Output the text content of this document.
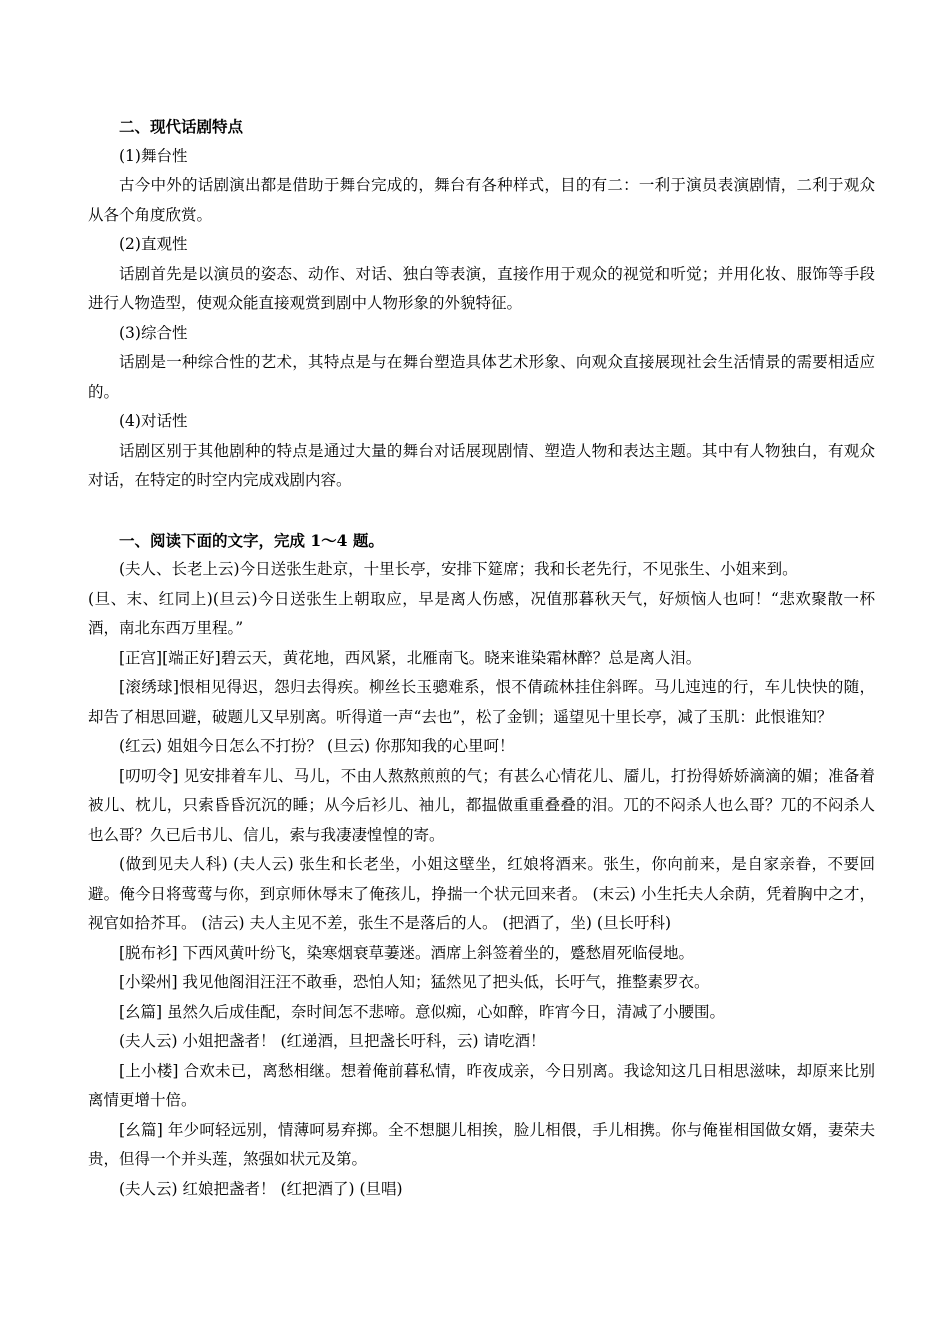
二、现代话剧特点

(1)舞台性

古今中外的话剧演出都是借助于舞台完成的，舞台有各种样式，目的有二：一利于演员表演剧情，二利于观众从各个角度欣赏。

(2)直观性

话剧首先是以演员的姿态、动作、对话、独白等表演，直接作用于观众的视觉和听觉；并用化妆、服饰等手段进行人物造型，使观众能直接观赏到剧中人物形象的外貌特征。

(3)综合性

话剧是一种综合性的艺术，其特点是与在舞台塑造具体艺术形象、向观众直接展现社会生活情景的需要相适应的。

(4)对话性

话剧区别于其他剧种的特点是通过大量的舞台对话展现剧情、塑造人物和表达主题。其中有人物独白，有观众对话，在特定的时空内完成戏剧内容。

一、阅读下面的文字，完成 1～4 题。

(夫人、长老上云)今日送张生赴京，十里长亭，安排下筵席；我和长老先行，不见张生、小姐来到。

(旦、末、红同上)(旦云)今日送张生上朝取应，早是离人伤感，况值那暮秋天气，好烦恼人也呵！“悲欢聚散一杯酒，南北东西万里程。”

[正宫][端正好]碧云天，黄花地，西风紧，北雁南飞。晓来谁染霜林醉？总是离人泪。

[滚绣球]恨相见得迟，怨归去得疾。柳丝长玉骢难系，恨不倩疏林挂住斜晖。马儿迍迍的行，车儿快快的随，却告了相思回避，破题儿又早别离。听得道一声“去也”，松了金钏；遥望见十里长亭，减了玉肌：此恨谁知？

(红云) 姐姐今日怎么不打扮？ (旦云) 你那知我的心里呵！

[叨叨令] 见安排着车儿、马儿，不由人熬熬煎煎的气；有甚么心情花儿、靥儿，打扮得娇娇滴滴的媚；准备着被儿、枕儿，只索昏昏沉沉的睡；从今后衫儿、袖儿，都揾做重重叠叠的泪。兀的不闷杀人也么哥？兀的不闷杀人也么哥？久已后书儿、信儿，索与我凄凄惶惶的寄。

(做到见夫人科) (夫人云) 张生和长老坐，小姐这壁坐，红娘将酒来。张生，你向前来，是自家亲眷，不要回避。俺今日将莺莺与你，到京师休辱末了俺孩儿，挣揣一个状元回来者。 (末云) 小生托夫人余荫，凭着胸中之才，视官如拾芥耳。 (洁云) 夫人主见不差，张生不是落后的人。 (把酒了，坐) (旦长吁科)

[脱布衫] 下西风黄叶纷飞，染寒烟衰草萋迷。酒席上斜签着坐的，蹙愁眉死临侵地。

[小梁州] 我见他阁泪汪汪不敢垂，恐怕人知；猛然见了把头低，长吁气，推整素罗衣。

[幺篇] 虽然久后成佳配，奈时间怎不悲啼。意似痴，心如醉，昨宵今日，清减了小腰围。

(夫人云) 小姐把盏者！ (红递酒，旦把盏长吁科，云) 请吃酒！

[上小楼] 合欢未已，离愁相继。想着俺前暮私情，昨夜成亲，今日别离。我谂知这几日相思滋味，却原来比别离情更增十倍。

[幺篇] 年少呵轻远别，情薄呵易弃掷。全不想腿儿相挨，脸儿相偎，手儿相携。你与俺崔相国做女婿，妻荣夫贵，但得一个并头莲，煞强如状元及第。

(夫人云) 红娘把盏者！ (红把酒了) (旦唱)
